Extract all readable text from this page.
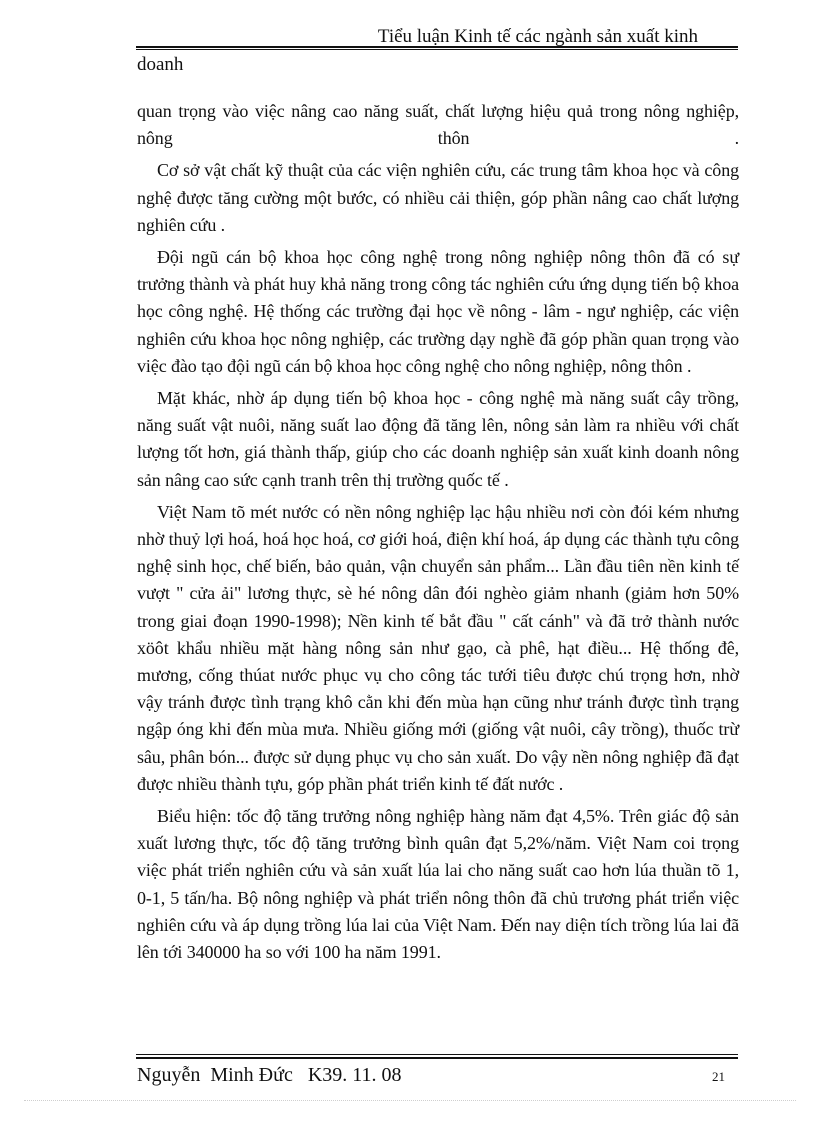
Tiểu luận Kinh tế các ngành sản xuất kinh
doanh

quan trọng vào việc nâng cao năng suất, chất lượng hiệu quả trong nông nghiệp, nông thôn .

Cơ sở vật chất kỹ thuật của các viện nghiên cứu, các trung tâm khoa học và công nghệ được tăng cường một bước, có nhiều cải thiện, góp phần nâng cao chất lượng nghiên cứu .

Đội ngũ cán bộ khoa học công nghệ trong nông nghiệp nông thôn đã có sự trưởng thành và phát huy khả năng trong công tác nghiên cứu ứng dụng tiến bộ khoa học công nghệ. Hệ thống các trường đại học về nông - lâm - ngư nghiệp, các viện nghiên cứu khoa học nông nghiệp, các trường dạy nghề đã góp phần quan trọng vào việc đào tạo đội ngũ cán bộ khoa học công nghệ cho nông nghiệp, nông thôn .

Mặt khác, nhờ áp dụng tiến bộ khoa học - công nghệ mà năng suất cây trồng, năng suất vật nuôi, năng suất lao động đã tăng lên, nông sản làm ra nhiều với chất lượng tốt hơn, giá thành thấp, giúp cho các doanh nghiệp sản xuất kinh doanh nông sản nâng cao sức cạnh tranh trên thị trường quốc tế .

Việt Nam tõ mét nước có nền nông nghiệp lạc hậu nhiều nơi còn đói kém nhưng nhờ thuỷ lợi hoá, hoá học hoá, cơ giới hoá, điện khí hoá, áp dụng các thành tựu công nghệ sinh học, chế biến, bảo quản, vận chuyển sản phẩm... Lần đầu tiên nền kinh tế vượt " cửa ải" lương thực, sè hé nông dân đói nghèo giảm nhanh (giảm hơn 50% trong giai đoạn 1990-1998); Nền kinh tế bắt đầu " cất cánh" và đã trở thành nước xöôt khẩu nhiều mặt hàng nông sản như gạo, cà phê, hạt điều... Hệ thống đê, mương, cống thúat nước phục vụ cho công tác tưới tiêu được chú trọng hơn, nhờ vậy tránh được tình trạng khô cằn khi đến mùa hạn cũng như tránh được tình trạng ngập óng khi đến mùa mưa. Nhiều giống mới (giống vật nuôi, cây trồng), thuốc trừ sâu, phân bón... được sử dụng phục vụ cho sản xuất. Do vậy nền nông nghiệp đã đạt được nhiều thành tựu, góp phần phát triển kinh tế đất nước .

Biểu hiện: tốc độ tăng trưởng nông nghiệp hàng năm đạt 4,5%. Trên giác độ sản xuất lương thực, tốc độ tăng trưởng bình quân đạt 5,2%/năm. Việt Nam coi trọng việc phát triển nghiên cứu và sản xuất lúa lai cho năng suất cao hơn lúa thuần tõ 1, 0-1, 5 tấn/ha. Bộ nông nghiệp và phát triển nông thôn đã chủ trương phát triển việc nghiên cứu và áp dụng trồng lúa lai của Việt Nam. Đến nay diện tích trồng lúa lai đã lên tới 340000 ha so với 100 ha năm 1991.

Nguyễn  Minh Đức   K39. 11. 08	21
